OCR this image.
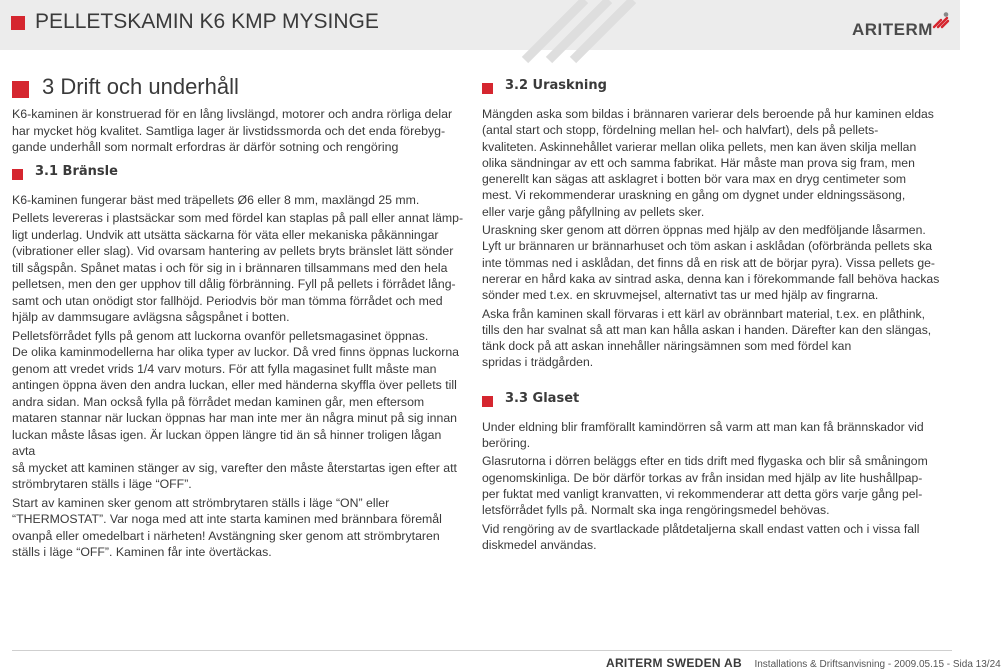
PELLETSKAMIN K6 KMP MYSINGE	ARITERM
3 Drift och underhåll

K6-kaminen är konstruerad för en lång livslängd, motorer och andra rörliga delar
har mycket hög kvalitet. Samtliga lager är livstidssmorda och det enda förebyg-
gande underhåll som normalt erfordras är därför sotning och rengöring

3.1 Bränsle

K6-kaminen fungerar bäst med träpellets Ø6 eller 8 mm, maxlängd 25 mm.

Pellets levereras i plastsäckar som med fördel kan staplas på pall eller annat lämp-
ligt underlag. Undvik att utsätta säckarna för väta eller mekaniska påkänningar
(vibrationer eller slag). Vid ovarsam hantering av pellets bryts bränslet lätt sönder
till sågspån. Spånet matas i och för sig in i brännaren tillsammans med den hela
pelletsen, men den ger upphov till dålig förbränning. Fyll på pellets i förrådet lång-
samt och utan onödigt stor fallhöjd. Periodvis bör man tömma förrådet och med
hjälp av dammsugare avlägsna sågspånet i botten.

Pelletsförrådet fylls på genom att luckorna ovanför pelletsmagasinet öppnas.
De olika kaminmodellerna har olika typer av luckor. Då vred finns öppnas luckorna
genom att vredet vrids 1/4 varv moturs. För att fylla magasinet fullt måste man
antingen öppna även den andra luckan, eller med händerna skyffla över pellets till
andra sidan. Man också fylla på förrådet medan kaminen går, men eftersom
mataren stannar när luckan öppnas har man inte mer än några minut på sig innan
luckan måste låsas igen. Är luckan öppen längre tid än så hinner troligen lågan avta
så mycket att kaminen stänger av sig, varefter den måste återstartas igen efter att
strömbrytaren ställs i läge “OFF”.

Start av kaminen sker genom att strömbrytaren ställs i läge “ON” eller
“THERMOSTAT”. Var noga med att inte starta kaminen med brännbara föremål
ovanpå eller omedelbart i närheten! Avstängning sker genom att strömbrytaren
ställs i läge “OFF”. Kaminen får inte övertäckas.

3.2 Uraskning

Mängden aska som bildas i brännaren varierar dels beroende på hur kaminen eldas
(antal start och stopp, fördelning mellan hel- och halvfart), dels på pellets-
kvaliteten. Askinnehållet varierar mellan olika pellets, men kan även skilja mellan
olika sändningar av ett och samma fabrikat. Här måste man prova sig fram, men
generellt kan sägas att asklagret i botten bör vara max en dryg centimeter som
mest. Vi rekommenderar uraskning en gång om dygnet under eldningssäsong,
eller varje gång påfyllning av pellets sker.

Uraskning sker genom att dörren öppnas med hjälp av den medföljande låsarmen.
Lyft ur brännaren ur brännarhuset och töm askan i asklådan (oförbrända pellets ska
inte tömmas ned i asklådan, det finns då en risk att de börjar pyra). Vissa pellets ge-
nererar en hård kaka av sintrad aska, denna kan i förekommande fall behöva hackas
sönder med t.ex. en skruvmejsel, alternativt tas ur med hjälp av fingrarna.

Aska från kaminen skall förvaras i ett kärl av obrännbart material, t.ex. en plåthink,
tills den har svalnat så att man kan hålla askan i handen. Därefter kan den slängas,
tänk dock på att askan innehåller näringsämnen som med fördel kan
spridas i trädgården.

3.3 Glaset

Under eldning blir framförallt kamindörren så varm att man kan få brännskador vid
beröring.

Glasrutorna i dörren beläggs efter en tids drift med flygaska och blir så småningom
ogenomskinliga. De bör därför torkas av från insidan med hjälp av lite hushållpap-
per fuktat med vanligt kranvatten, vi rekommenderar att detta görs varje gång pel-
letsförrådet fylls på. Normalt ska inga rengöringsmedel behövas.

Vid rengöring av de svartlackade plåtdetaljerna skall endast vatten och i vissa fall
diskmedel användas.

ARITERM SWEDEN AB Installations & Driftsanvisning - 2009.05.15 - Sida 13/24
